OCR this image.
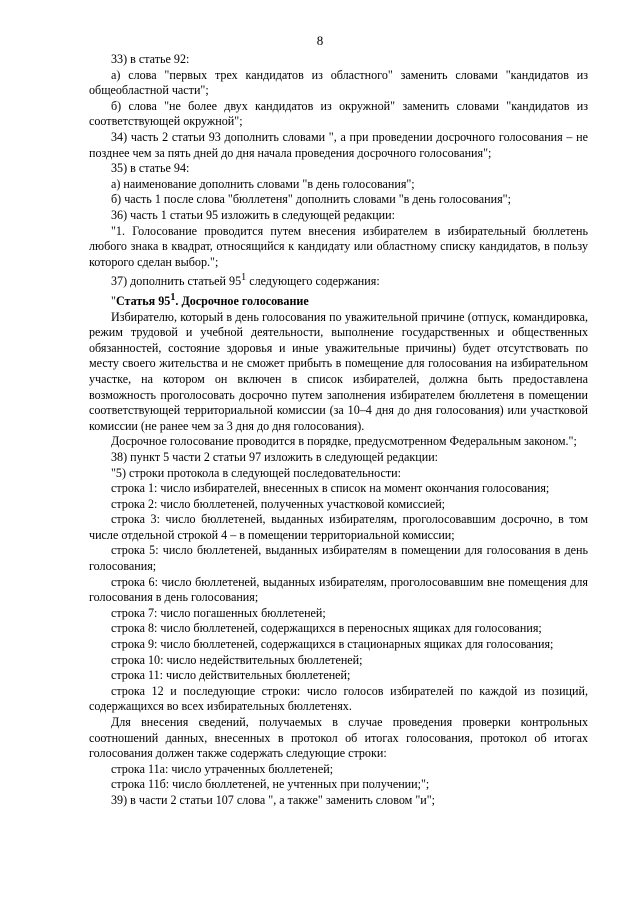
8

33) в статье 92:

а) слова "первых трех кандидатов из областного" заменить словами "кандидатов из общеобластной части";

б) слова "не более двух кандидатов из окружной" заменить словами "кандидатов из соответствующей окружной";

34) часть 2 статьи 93 дополнить словами ", а при проведении досрочного голосования – не позднее чем за пять дней до дня начала проведения досрочного голосования";

35) в статье 94:

а) наименование дополнить словами "в день голосования";

б) часть 1 после слова "бюллетеня" дополнить словами "в день голосования";

36) часть 1 статьи 95 изложить в следующей редакции:

"1. Голосование проводится путем внесения избирателем в избирательный бюллетень любого знака в квадрат, относящийся к кандидату или областному списку кандидатов, в пользу которого сделан выбор.";

37) дополнить статьей $95^1$ следующего содержания:

"Статья $95^1$. Досрочное голосование

Избирателю, который в день голосования по уважительной причине (отпуск, командировка, режим трудовой и учебной деятельности, выполнение государственных и общественных обязанностей, состояние здоровья и иные уважительные причины) будет отсутствовать по месту своего жительства и не сможет прибыть в помещение для голосования на избирательном участке, на котором он включен в список избирателей, должна быть предоставлена возможность проголосовать досрочно путем заполнения избирателем бюллетеня в помещении соответствующей территориальной комиссии (за 10–4 дня до дня голосования) или участковой комиссии (не ранее чем за 3 дня до дня голосования).

Досрочное голосование проводится в порядке, предусмотренном Федеральным законом.";

38) пункт 5 части 2 статьи 97 изложить в следующей редакции:

"5) строки протокола в следующей последовательности:

строка 1: число избирателей, внесенных в список на момент окончания голосования;

строка 2: число бюллетеней, полученных участковой комиссией;

строка 3: число бюллетеней, выданных избирателям, проголосовавшим досрочно, в том числе отдельной строкой 4 – в помещении территориальной комиссии;

строка 5: число бюллетеней, выданных избирателям в помещении для голосования в день голосования;

строка 6: число бюллетеней, выданных избирателям, проголосовавшим вне помещения для голосования в день голосования;

строка 7: число погашенных бюллетеней;

строка 8: число бюллетеней, содержащихся в переносных ящиках для голосования;

строка 9: число бюллетеней, содержащихся в стационарных ящиках для голосования;

строка 10: число недействительных бюллетеней;

строка 11: число действительных бюллетеней;

строка 12 и последующие строки: число голосов избирателей по каждой из позиций, содержащихся во всех избирательных бюллетенях.

Для внесения сведений, получаемых в случае проведения проверки контрольных соотношений данных, внесенных в протокол об итогах голосования, протокол об итогах голосования должен также содержать следующие строки:

строка 11а: число утраченных бюллетеней;

строка 11б: число бюллетеней, не учтенных при получении;";

39) в части 2 статьи 107 слова ", а также" заменить словом "и";
